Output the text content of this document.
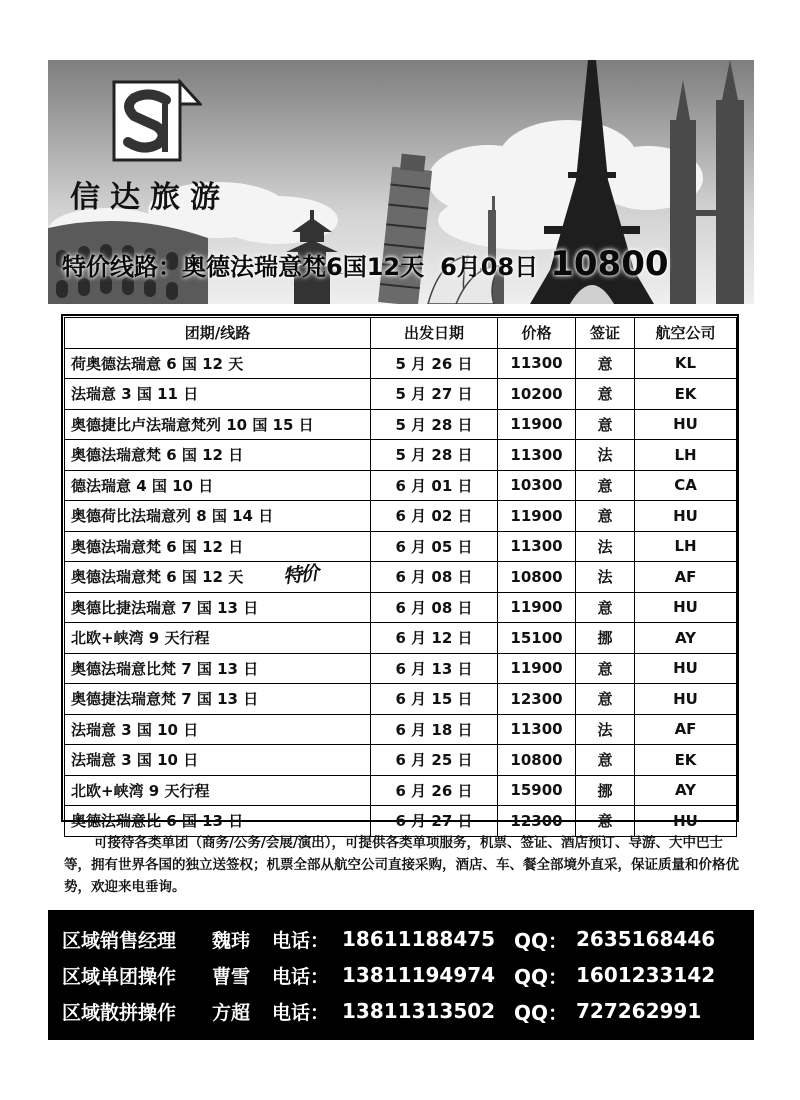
信达旅游
特价线路： 奥德法瑞意梵6国12天 6月08日 10800
团期/线路	出发日期	价格	签证	航空公司
荷奥德法瑞意 6 国 12 天	5 月 26 日	11300	意	KL
法瑞意 3 国 11 日	5 月 27 日	10200	意	EK
奥德捷比卢法瑞意梵列 10 国 15 日	5 月 28 日	11900	意	HU
奥德法瑞意梵 6 国 12 日	5 月 28 日	11300	法	LH
德法瑞意 4 国 10 日	6 月 01 日	10300	意	CA
奥德荷比法瑞意列 8 国 14 日	6 月 02 日	11900	意	HU
奥德法瑞意梵 6 国 12 日	6 月 05 日	11300	法	LH
奥德法瑞意梵 6 国 12 天 特价	6 月 08 日	10800	法	AF
奥德比捷法瑞意 7 国 13 日	6 月 08 日	11900	意	HU
北欧+峡湾 9 天行程	6 月 12 日	15100	挪	AY
奥德法瑞意比梵 7 国 13 日	6 月 13 日	11900	意	HU
奥德捷法瑞意梵 7 国 13 日	6 月 15 日	12300	意	HU
法瑞意 3 国 10 日	6 月 18 日	11300	法	AF
法瑞意 3 国 10 日	6 月 25 日	10800	意	EK
北欧+峡湾 9 天行程	6 月 26 日	15900	挪	AY
奥德法瑞意比 6 国 13 日	6 月 27 日	12300	意	HU
可接待各类单团（商务/公务/会展/演出），可提供各类单项服务，机票、签证、酒店预订、导游、大中巴士等，拥有世界各国的独立送签权；机票全部从航空公司直接采购，酒店、车、餐全部境外直采，保证质量和价格优势，欢迎来电垂询。
区域销售经理	魏玮	电话： 18611188475 QQ： 2635168446
区域单团操作	曹雪	电话： 13811194974 QQ： 1601233142
区域散拼操作	方超	电话： 13811313502 QQ： 727262991
